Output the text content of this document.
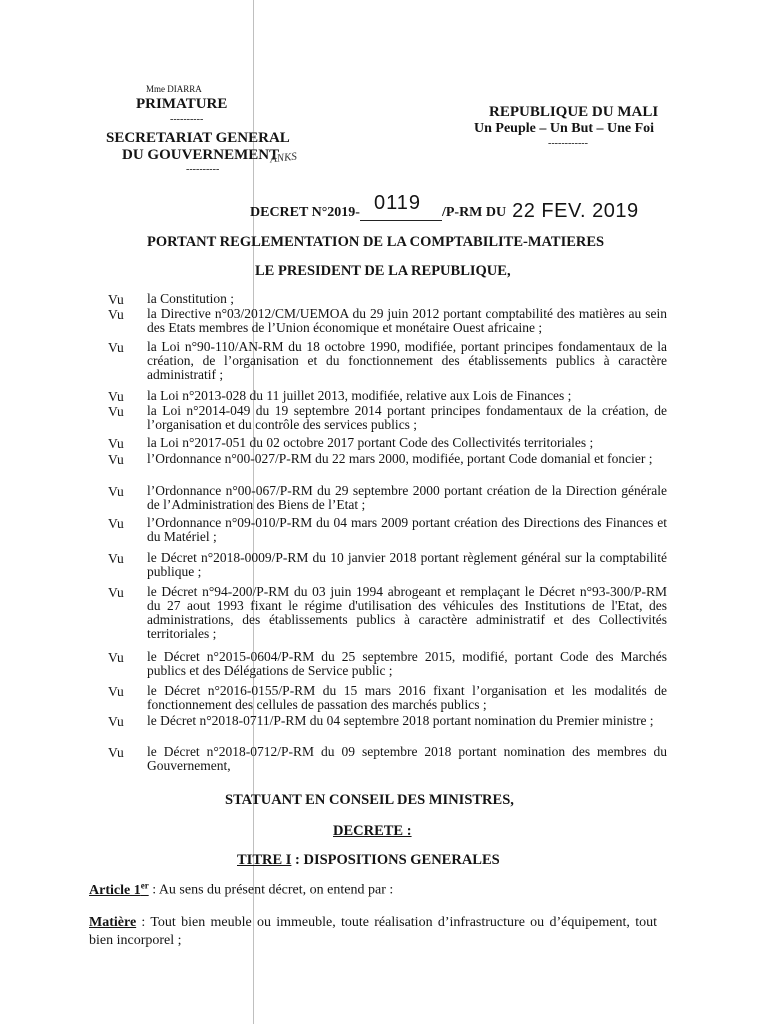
Mme DIARRA
PRIMATURE
----------
SECRETARIAT GENERAL
DU GOUVERNEMENT
ANKS
----------
REPUBLIQUE DU MALI
Un Peuple – Un But – Une Foi
------------
DECRET N°2019- 0119 /P-RM DU 22 FEV. 2019
PORTANT REGLEMENTATION DE LA COMPTABILITE-MATIERES
LE PRESIDENT DE LA REPUBLIQUE,
Vu la Constitution ;
Vu la Directive n°03/2012/CM/UEMOA du 29 juin 2012 portant comptabilité des matières au sein des Etats membres de l’Union économique et monétaire Ouest africaine ;
Vu la Loi n°90-110/AN-RM du 18 octobre 1990, modifiée, portant principes fondamentaux de la création, de l’organisation et du fonctionnement des établissements publics à caractère administratif ;
Vu la Loi n°2013-028 du 11 juillet 2013, modifiée, relative aux Lois de Finances ;
Vu la Loi n°2014-049 du 19 septembre 2014 portant principes fondamentaux de la création, de l’organisation et du contrôle des services publics ;
Vu la Loi n°2017-051 du 02 octobre 2017 portant Code des Collectivités territoriales ;
Vu l’Ordonnance n°00-027/P-RM du 22 mars 2000, modifiée, portant Code domanial et foncier ;
Vu l’Ordonnance n°00-067/P-RM du 29 septembre 2000 portant création de la Direction générale de l’Administration des Biens de l’Etat ;
Vu l’Ordonnance n°09-010/P-RM du 04 mars 2009 portant création des Directions des Finances et du Matériel ;
Vu le Décret n°2018-0009/P-RM du 10 janvier 2018 portant règlement général sur la comptabilité publique ;
Vu le Décret n°94-200/P-RM du 03 juin 1994 abrogeant et remplaçant le Décret n°93-300/P-RM du 27 aout 1993 fixant le régime d'utilisation des véhicules des Institutions de l'Etat, des administrations, des établissements publics à caractère administratif et des Collectivités territoriales ;
Vu le Décret n°2015-0604/P-RM du 25 septembre 2015, modifié, portant Code des Marchés publics et des Délégations de Service public ;
Vu le Décret n°2016-0155/P-RM du 15 mars 2016 fixant l’organisation et les modalités de fonctionnement des cellules de passation des marchés publics ;
Vu le Décret n°2018-0711/P-RM du 04 septembre 2018 portant nomination du Premier ministre ;
Vu le Décret n°2018-0712/P-RM du 09 septembre 2018 portant nomination des membres du Gouvernement,
STATUANT EN CONSEIL DES MINISTRES,
DECRETE :
TITRE I : DISPOSITIONS GENERALES
Article 1er : Au sens du présent décret, on entend par :
Matière : Tout bien meuble ou immeuble, toute réalisation d’infrastructure ou d’équipement, tout bien incorporel ;
